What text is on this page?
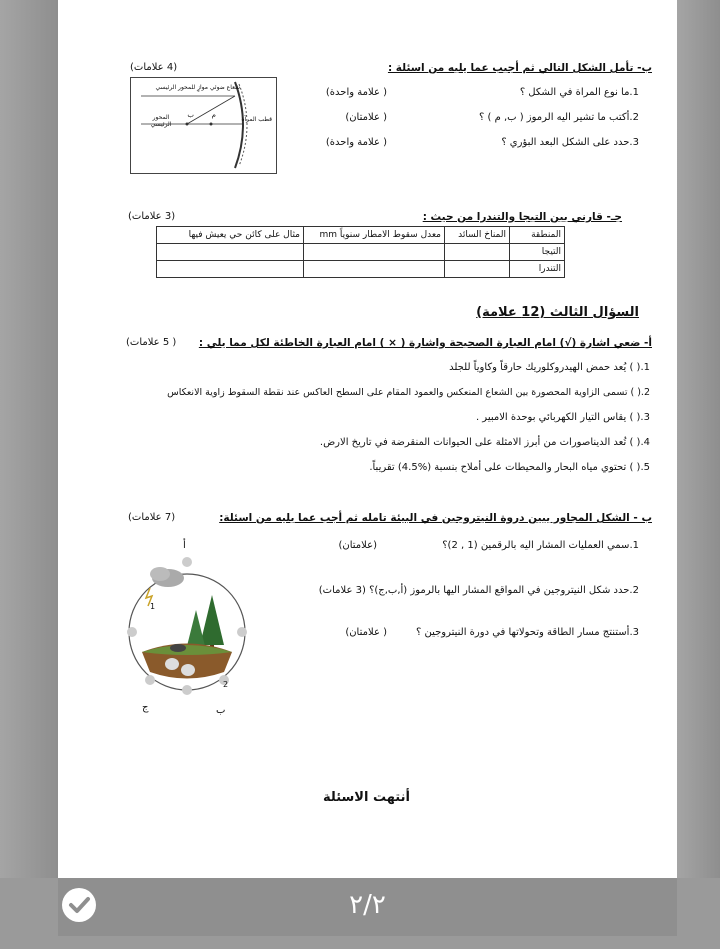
ب- تأمل الشكل التالي ثم أجيب عما يليه من اسئلة :
(4 علامات)
1.ما نوع المراة في الشكل ؟
( علامة واحدة)
2.أكتب ما تشير اليه الرموز ( ب, م ) ؟
( علامتان)
3.حدد على الشكل البعد البؤري ؟
( علامة واحدة)
شعاع ضوئي موازٍ للمحور الرئيسي
المحور الرئيسي
قطب المرآة
ب	م
جـ- قارني بين التيجا والتندرا من حيث :
(3 علامات)
المنطقة	المناخ السائد	معدل سقوط الامطار سنوياً mm	مثال على كائن حي يعيش فيها
التيجا			
التندرا			
السؤال الثالث (12 علامة)
أ- ضعي اشارة (√) امام العبارة الصحيحة واشارة ( × ) امام العبارة الخاطئة لكل مما يلي :
( 5 علامات)
1.( ) يُعد حمض الهيدروكلوريك حارقاً وكاوياً للجلد
2.( ) تسمى الزاوية المحصورة بين الشعاع المنعكس والعمود المقام على السطح العاكس عند نقطة السقوط زاوية الانعكاس
3.( ) يقاس التيار الكهربائي بوحدة الامبير .
4.( ) تُعد الديناصورات من أبرز الامثلة على الحيوانات المنقرضة في تاريخ الارض.
5.( ) تحتوي مياه البحار والمحيطات على أملاح بنسبة (%4.5) تقريباً.
ب - الشكل المجاور يبين دروة النيتروجين في البيئة تامله ثم أجب عما يليه من اسئلة:
(7 علامات)
1.سمي العمليات المشار اليه بالرقمين (1 , 2)؟
(علامتان)
2.حدد شكل النيتروجين في المواقع المشار اليها بالرموز (أ,ب,ج)؟ (3 علامات)
3.أستنتج مسار الطاقة وتحولاتها في دورة النيتروجين ؟
( علامتان)
أ
ب
ج
1
2
أنتهت الاسئلة
٢/٢
